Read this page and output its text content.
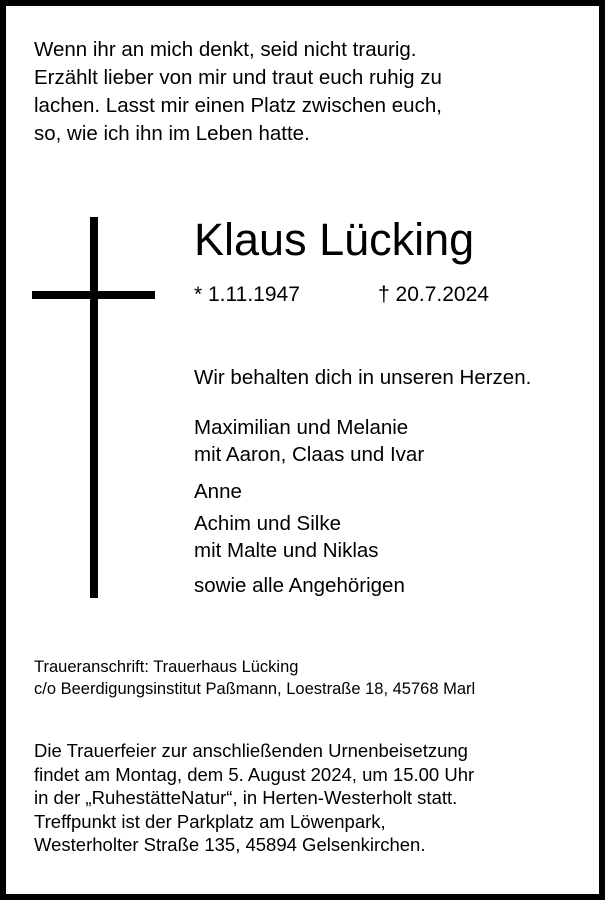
Wenn ihr an mich denkt, seid nicht traurig.
Erzählt lieber von mir und traut euch ruhig zu
lachen. Lasst mir einen Platz zwischen euch,
so, wie ich ihn im Leben hatte.
Klaus Lücking
* 1.11.1947	† 20.7.2024
Wir behalten dich in unseren Herzen.
Maximilian und Melanie
mit Aaron, Claas und Ivar
Anne
Achim und Silke
mit Malte und Niklas
sowie alle Angehörigen
Traueranschrift: Trauerhaus Lücking
c/o Beerdigungsinstitut Paßmann, Loestraße 18, 45768 Marl
Die Trauerfeier zur anschließenden Urnenbeisetzung
findet am Montag, dem 5. August 2024, um 15.00 Uhr
in der „RuhestätteNatur“, in Herten-Westerholt statt.
Treffpunkt ist der Parkplatz am Löwenpark,
Westerholter Straße 135, 45894 Gelsenkirchen.
